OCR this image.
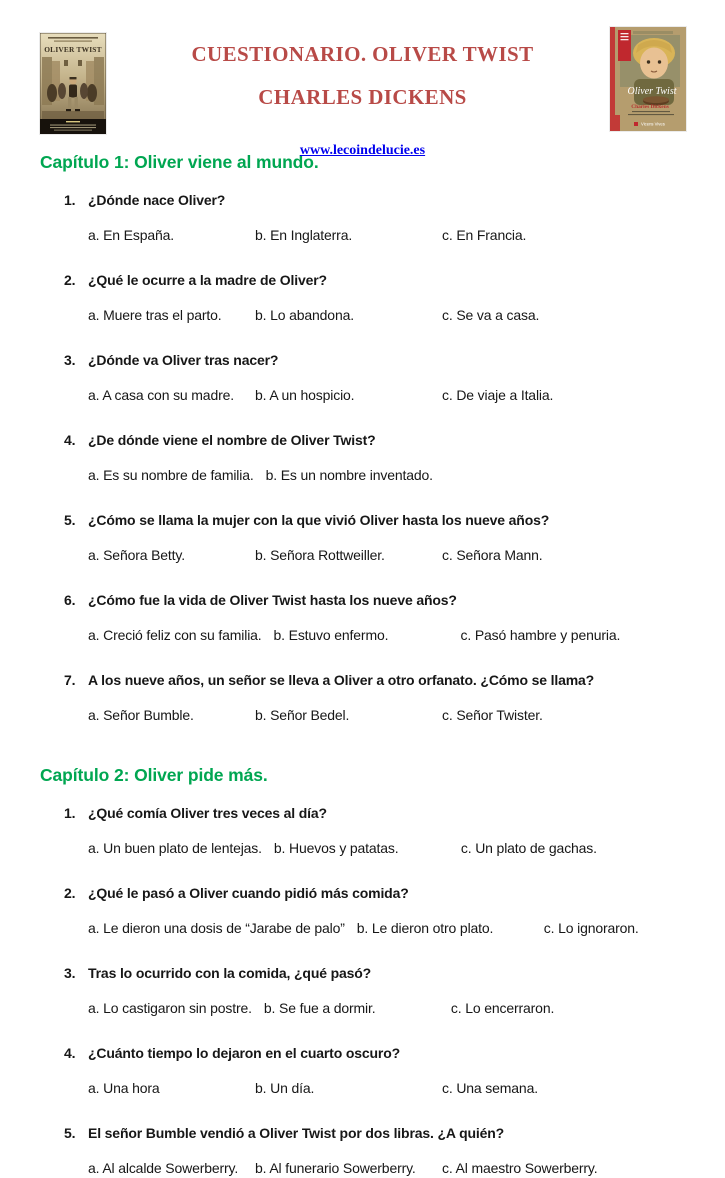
OLIVER TWIST	CUESTIONARIO. OLIVER TWIST
CHARLES DICKENS

www.lecoindelucie.es
Oliver Twist
Charles Dickens
Vicens Vives
Capítulo 1: Oliver viene al mundo.
1. ¿Dónde nace Oliver?
a. En España.	b. En Inglaterra.	c. En Francia.
2. ¿Qué le ocurre a la madre de Oliver?
a. Muere tras el parto.	b. Lo abandona.	c. Se va a casa.
3. ¿Dónde va Oliver tras nacer?
a. A casa con su madre.	b. A un hospicio.	c. De viaje a Italia.
4. ¿De dónde viene el nombre de Oliver Twist?
a. Es su nombre de familia. b. Es un nombre inventado.
5. ¿Cómo se llama la mujer con la que vivió Oliver hasta los nueve años?
a. Señora Betty.	b. Señora Rottweiller.	c. Señora Mann.
6. ¿Cómo fue la vida de Oliver Twist hasta los nueve años?
a. Creció feliz con su familia. b. Estuvo enfermo.	c. Pasó hambre y penuria.
7. A los nueve años, un señor se lleva a Oliver a otro orfanato. ¿Cómo se llama?
a. Señor Bumble.	b. Señor Bedel.	c. Señor Twister.
Capítulo 2: Oliver pide más.
1. ¿Qué comía Oliver tres veces al día?
a. Un buen plato de lentejas. b. Huevos y patatas.	c. Un plato de gachas.
2. ¿Qué le pasó a Oliver cuando pidió más comida?
a. Le dieron una dosis de “Jarabe de palo” b. Le dieron otro plato.	c. Lo ignoraron.
3. Tras lo ocurrido con la comida, ¿qué pasó?
a. Lo castigaron sin postre. b. Se fue a dormir.	c. Lo encerraron.
4. ¿Cuánto tiempo lo dejaron en el cuarto oscuro?
a. Una hora	b. Un día.	c. Una semana.
5. El señor Bumble vendió a Oliver Twist por dos libras. ¿A quién?
a. Al alcalde Sowerberry.	b. Al funerario Sowerberry.	c. Al maestro Sowerberry.
